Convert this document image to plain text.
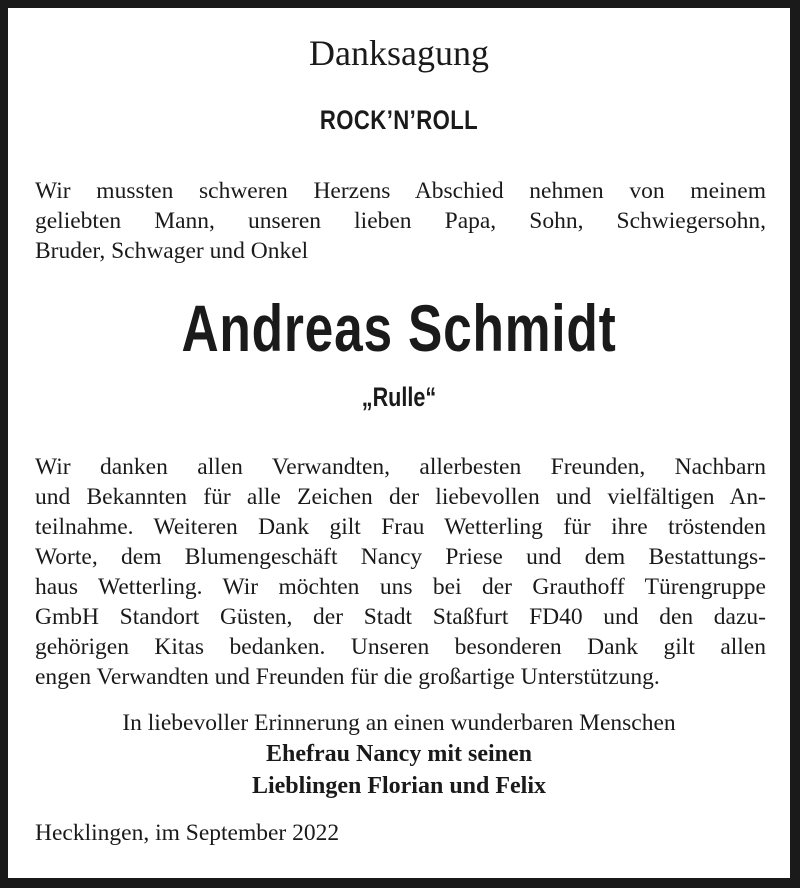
Danksagung
ROCK’N’ROLL

Wir mussten schweren Herzens Abschied nehmen von meinem
geliebten Mann, unseren lieben Papa, Sohn, Schwiegersohn,
Bruder, Schwager und Onkel

Andreas Schmidt
„Rulle“

Wir danken allen Verwandten, allerbesten Freunden, Nachbarn
und Bekannten für alle Zeichen der liebevollen und vielfältigen An-
teilnahme. Weiteren Dank gilt Frau Wetterling für ihre tröstenden
Worte, dem Blumengeschäft Nancy Priese und dem Bestattungs-
haus Wetterling. Wir möchten uns bei der Grauthoff Türengruppe
GmbH Standort Güsten, der Stadt Staßfurt FD40 und den dazu-
gehörigen Kitas bedanken. Unseren besonderen Dank gilt allen
engen Verwandten und Freunden für die großartige Unterstützung.

In liebevoller Erinnerung an einen wunderbaren Menschen

Ehefrau Nancy mit seinen
Lieblingen Florian und Felix

Hecklingen, im September 2022
